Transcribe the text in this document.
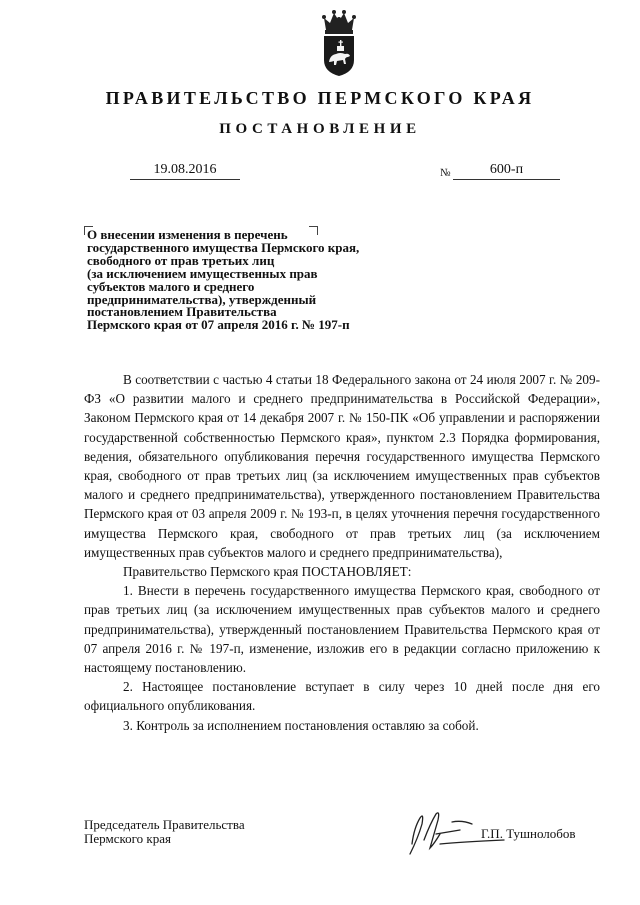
ПРАВИТЕЛЬСТВО ПЕРМСКОГО КРАЯ
ПОСТАНОВЛЕНИЕ
19.08.2016	№	600-п
О внесении изменения в перечень
государственного имущества Пермского края,
свободного от прав третьих лиц
(за исключением имущественных прав
субъектов малого и среднего
предпринимательства), утвержденный
постановлением Правительства
Пермского края от 07 апреля 2016 г. № 197-п

В соответствии с частью 4 статьи 18 Федерального закона от 24 июля 2007 г. № 209-ФЗ «О развитии малого и среднего предпринимательства в Российской Федерации», Законом Пермского края от 14 декабря 2007 г. № 150-ПК «Об управлении и распоряжении государственной собственностью Пермского края», пунктом 2.3 Порядка формирования, ведения, обязательного опубликования перечня государственного имущества Пермского края, свободного от прав третьих лиц (за исключением имущественных прав субъектов малого и среднего предпринимательства), утвержденного постановлением Правительства Пермского края от 03 апреля 2009 г. № 193-п, в целях уточнения перечня государственного имущества Пермского края, свободного от прав третьих лиц (за исключением имущественных прав субъектов малого и среднего предпринимательства),

Правительство Пермского края ПОСТАНОВЛЯЕТ:

1. Внести в перечень государственного имущества Пермского края, свободного от прав третьих лиц (за исключением имущественных прав субъектов малого и среднего предпринимательства), утвержденный постановлением Правительства Пермского края от 07 апреля 2016 г. № 197-п, изменение, изложив его в редакции согласно приложению к настоящему постановлению.

2. Настоящее постановление вступает в силу через 10 дней после дня его официального опубликования.

3. Контроль за исполнением постановления оставляю за собой.

Председатель Правительства
Пермского края	Г.П. Тушнолобов
